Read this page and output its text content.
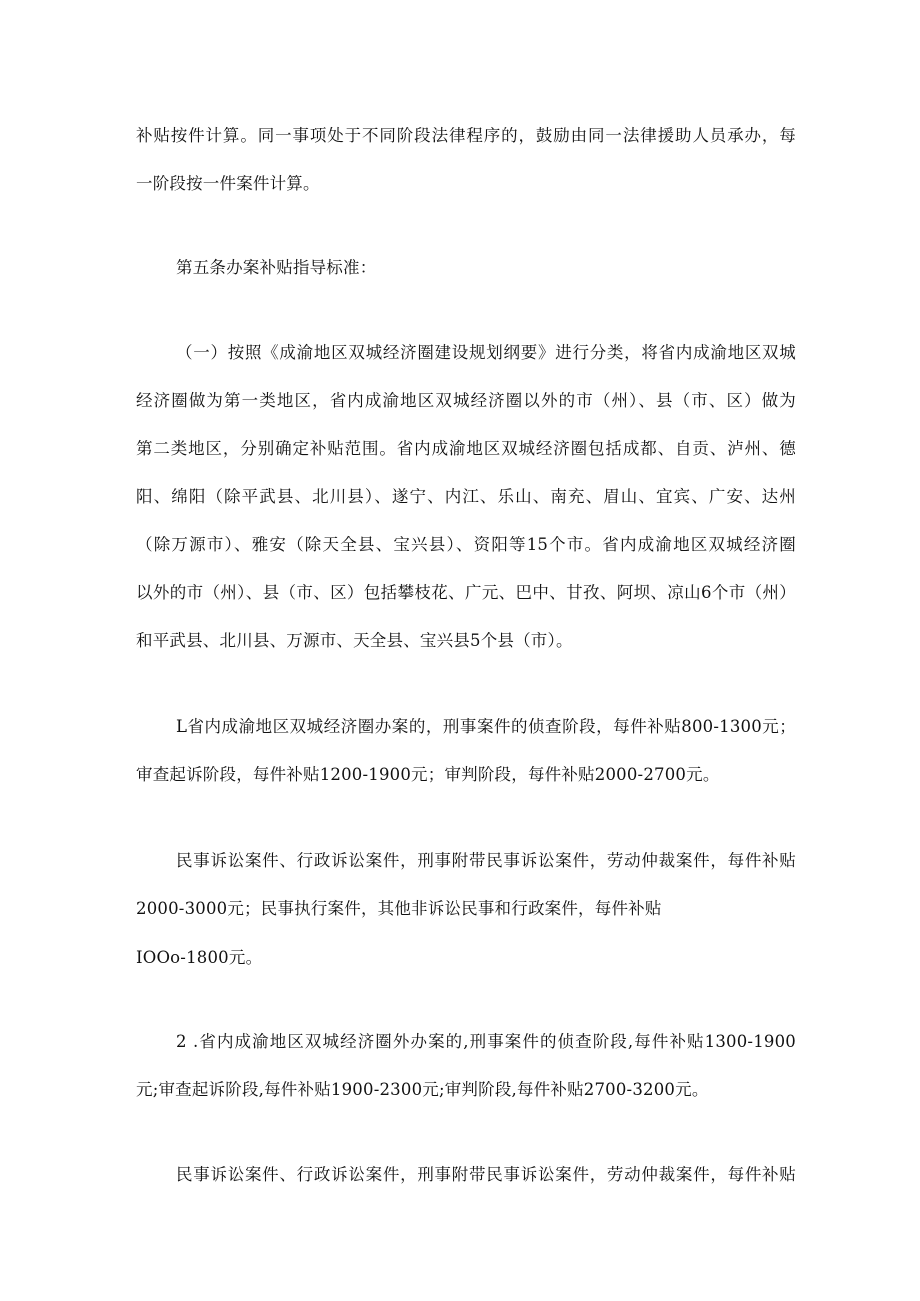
补贴按件计算。同一事项处于不同阶段法律程序的，鼓励由同一法律援助人员承办，每
一阶段按一件案件计算。
第五条办案补贴指导标准：
（一）按照《成渝地区双城经济圈建设规划纲要》进行分类，将省内成渝地区双城
经济圈做为第一类地区，省内成渝地区双城经济圈以外的市（州）、县（市、区）做为
第二类地区，分别确定补贴范围。省内成渝地区双城经济圈包括成都、自贡、泸州、德
阳、绵阳（除平武县、北川县）、遂宁、内江、乐山、南充、眉山、宜宾、广安、达州
（除万源市）、雅安（除天全县、宝兴县）、资阳等15个市。省内成渝地区双城经济圈
以外的市（州）、县（市、区）包括攀枝花、广元、巴中、甘孜、阿坝、凉山6个市（州）
和平武县、北川县、万源市、天全县、宝兴县5个县（市）。
L省内成渝地区双城经济圈办案的，刑事案件的侦查阶段，每件补贴800-1300元；
审查起诉阶段，每件补贴1200-1900元；审判阶段，每件补贴2000-2700元。
民事诉讼案件、行政诉讼案件，刑事附带民事诉讼案件，劳动仲裁案件，每件补贴
2000-3000元；民事执行案件，其他非诉讼民事和行政案件，每件补贴
IOOo-1800元。
2 .省内成渝地区双城经济圈外办案的,刑事案件的侦查阶段,每件补贴1300-1900
元;审查起诉阶段,每件补贴1900-2300元;审判阶段,每件补贴2700-3200元。
民事诉讼案件、行政诉讼案件，刑事附带民事诉讼案件，劳动仲裁案件，每件补贴
